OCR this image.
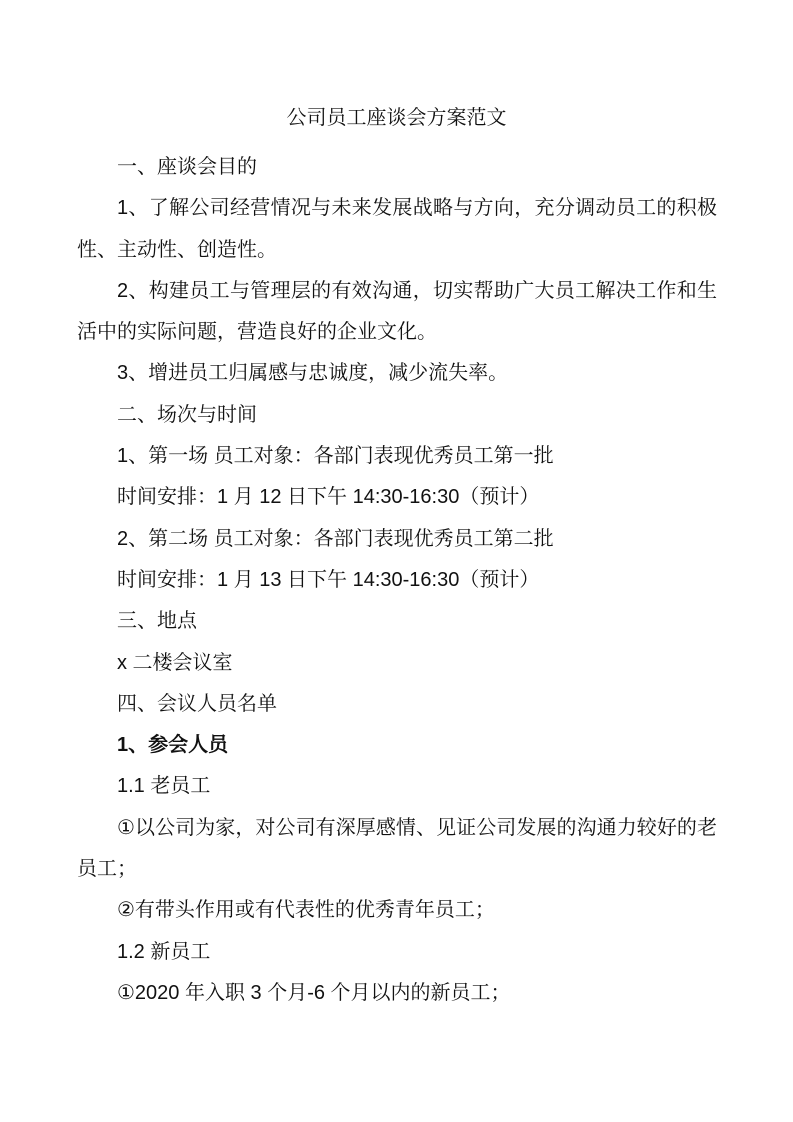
公司员工座谈会方案范文
一、座谈会目的
1、了解公司经营情况与未来发展战略与方向，充分调动员工的积极
性、主动性、创造性。
2、构建员工与管理层的有效沟通，切实帮助广大员工解决工作和生
活中的实际问题，营造良好的企业文化。
3、增进员工归属感与忠诚度，减少流失率。
二、场次与时间
1、第一场 员工对象：各部门表现优秀员工第一批
时间安排：1 月 12 日下午 14:30-16:30（预计）
2、第二场 员工对象：各部门表现优秀员工第二批
时间安排：1 月 13 日下午 14:30-16:30（预计）
三、地点
x 二楼会议室
四、会议人员名单
1、参会人员
1.1 老员工
①以公司为家，对公司有深厚感情、见证公司发展的沟通力较好的老
员工；
②有带头作用或有代表性的优秀青年员工；
1.2 新员工
①2020 年入职 3 个月-6 个月以内的新员工；
